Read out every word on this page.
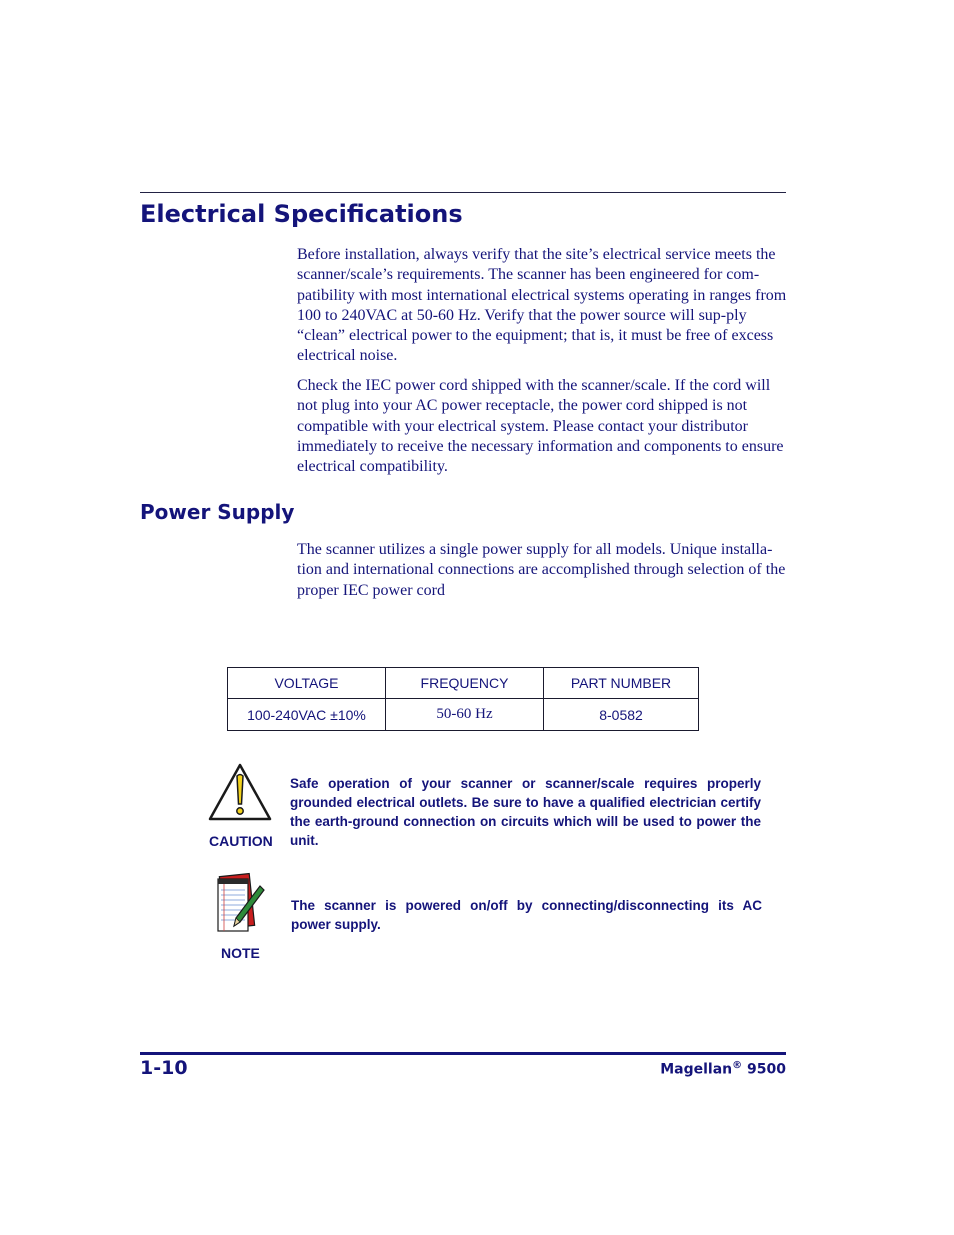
Electrical Specifications

Before installation, always verify that the site’s electrical service meets the scanner/scale’s requirements. The scanner has been engineered for com-patibility with most international electrical systems operating in ranges from 100 to 240VAC at 50-60 Hz. Verify that the power source will sup-ply “clean” electrical power to the equipment; that is, it must be free of excess electrical noise.

Check the IEC power cord shipped with the scanner/scale. If the cord will not plug into your AC power receptacle, the power cord shipped is not compatible with your electrical system. Please contact your distributor immediately to receive the necessary information and components to ensure electrical compatibility.

Power Supply

The scanner utilizes a single power supply for all models. Unique installa-tion and international connections are accomplished through selection of the proper IEC power cord

VOLTAGE	FREQUENCY	PART NUMBER
100-240VAC ±10%	50-60 Hz	8-0582
CAUTION

Safe operation of your scanner or scanner/scale requires properly grounded electrical outlets. Be sure to have a qualified electrician certify the earth-ground connection on circuits which will be used to power the unit.

NOTE

The scanner is powered on/off by connecting/disconnecting its AC power supply.

1-10	Magellan® 9500
